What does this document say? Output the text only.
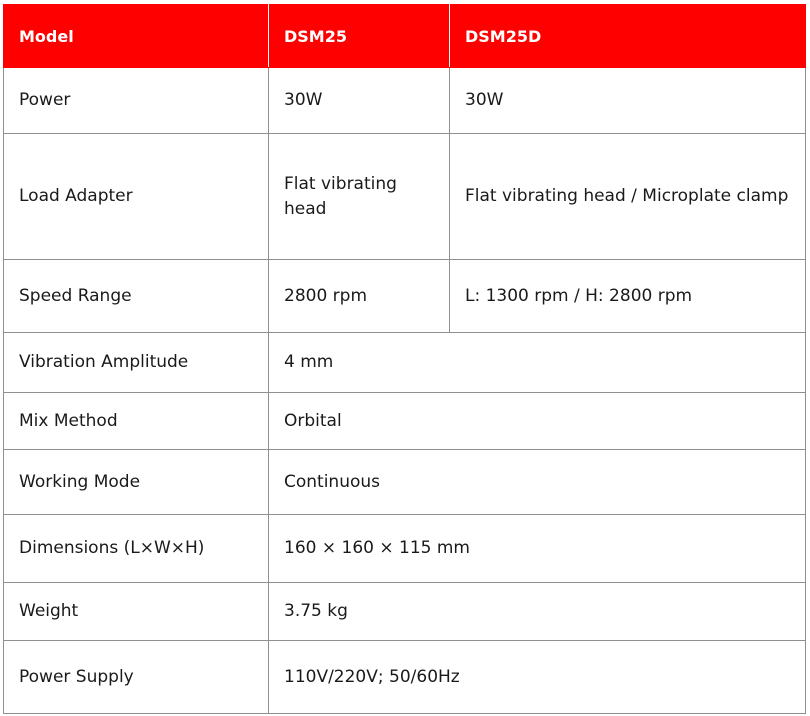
Model	DSM25	DSM25D
Power	30W	30W
Load Adapter	Flat vibrating head	Flat vibrating head / Microplate clamp
Speed Range	2800 rpm	L: 1300 rpm / H: 2800 rpm
Vibration Amplitude	4 mm	
Mix Method	Orbital	
Working Mode	Continuous	
Dimensions (L×W×H)	160 × 160 × 115 mm	
Weight	3.75 kg	
Power Supply	110V/220V; 50/60Hz	
